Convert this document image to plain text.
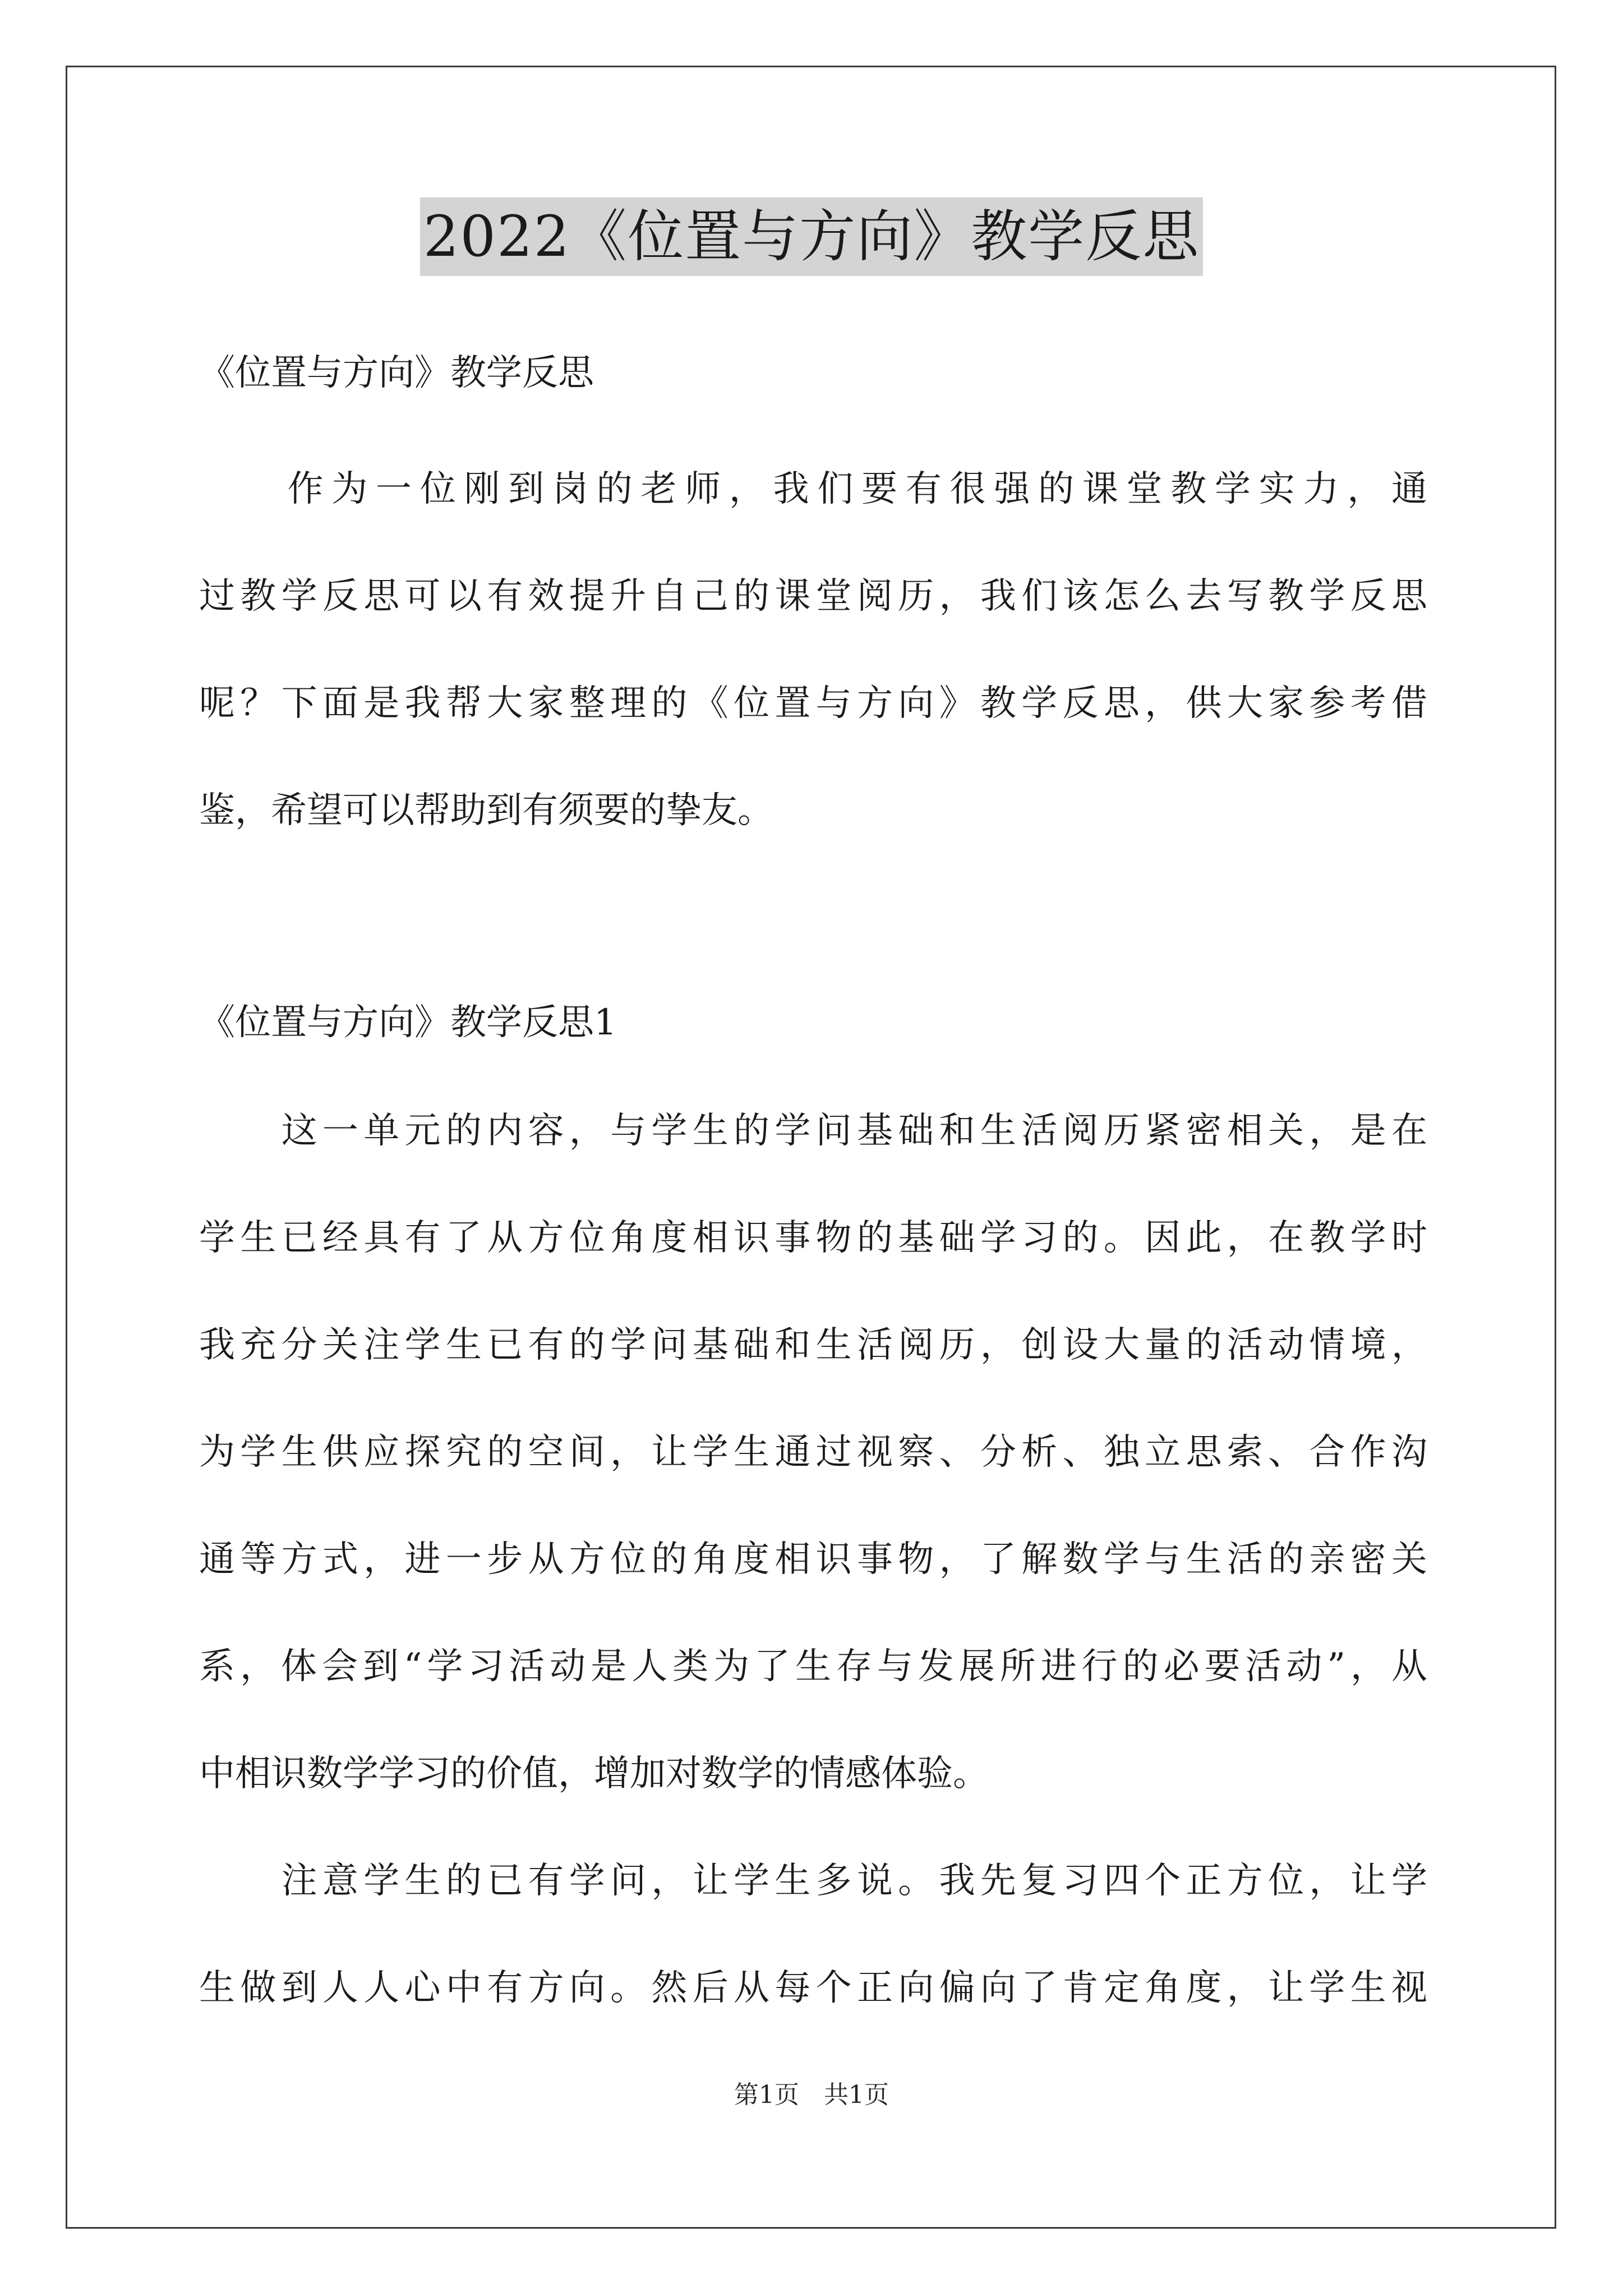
2022《位置与方向》教学反思
《位置与方向》教学反思
　　作为一位刚到岗的老师，我们要有很强的课堂教学实力，通
过教学反思可以有效提升自己的课堂阅历，我们该怎么去写教学反思
呢？下面是我帮大家整理的《位置与方向》教学反思，供大家参考借
鉴，希望可以帮助到有须要的挚友。
《位置与方向》教学反思1
　　这一单元的内容，与学生的学问基础和生活阅历紧密相关，是在
学生已经具有了从方位角度相识事物的基础学习的。因此，在教学时
我充分关注学生已有的学问基础和生活阅历，创设大量的活动情境，
为学生供应探究的空间，让学生通过视察、分析、独立思索、合作沟
通等方式，进一步从方位的角度相识事物，了解数学与生活的亲密关
系，体会到“学习活动是人类为了生存与发展所进行的必要活动”，从
中相识数学学习的价值，增加对数学的情感体验。
　　注意学生的已有学问，让学生多说。我先复习四个正方位，让学
生做到人人心中有方向。然后从每个正向偏向了肯定角度，让学生视
第1页　共1页
